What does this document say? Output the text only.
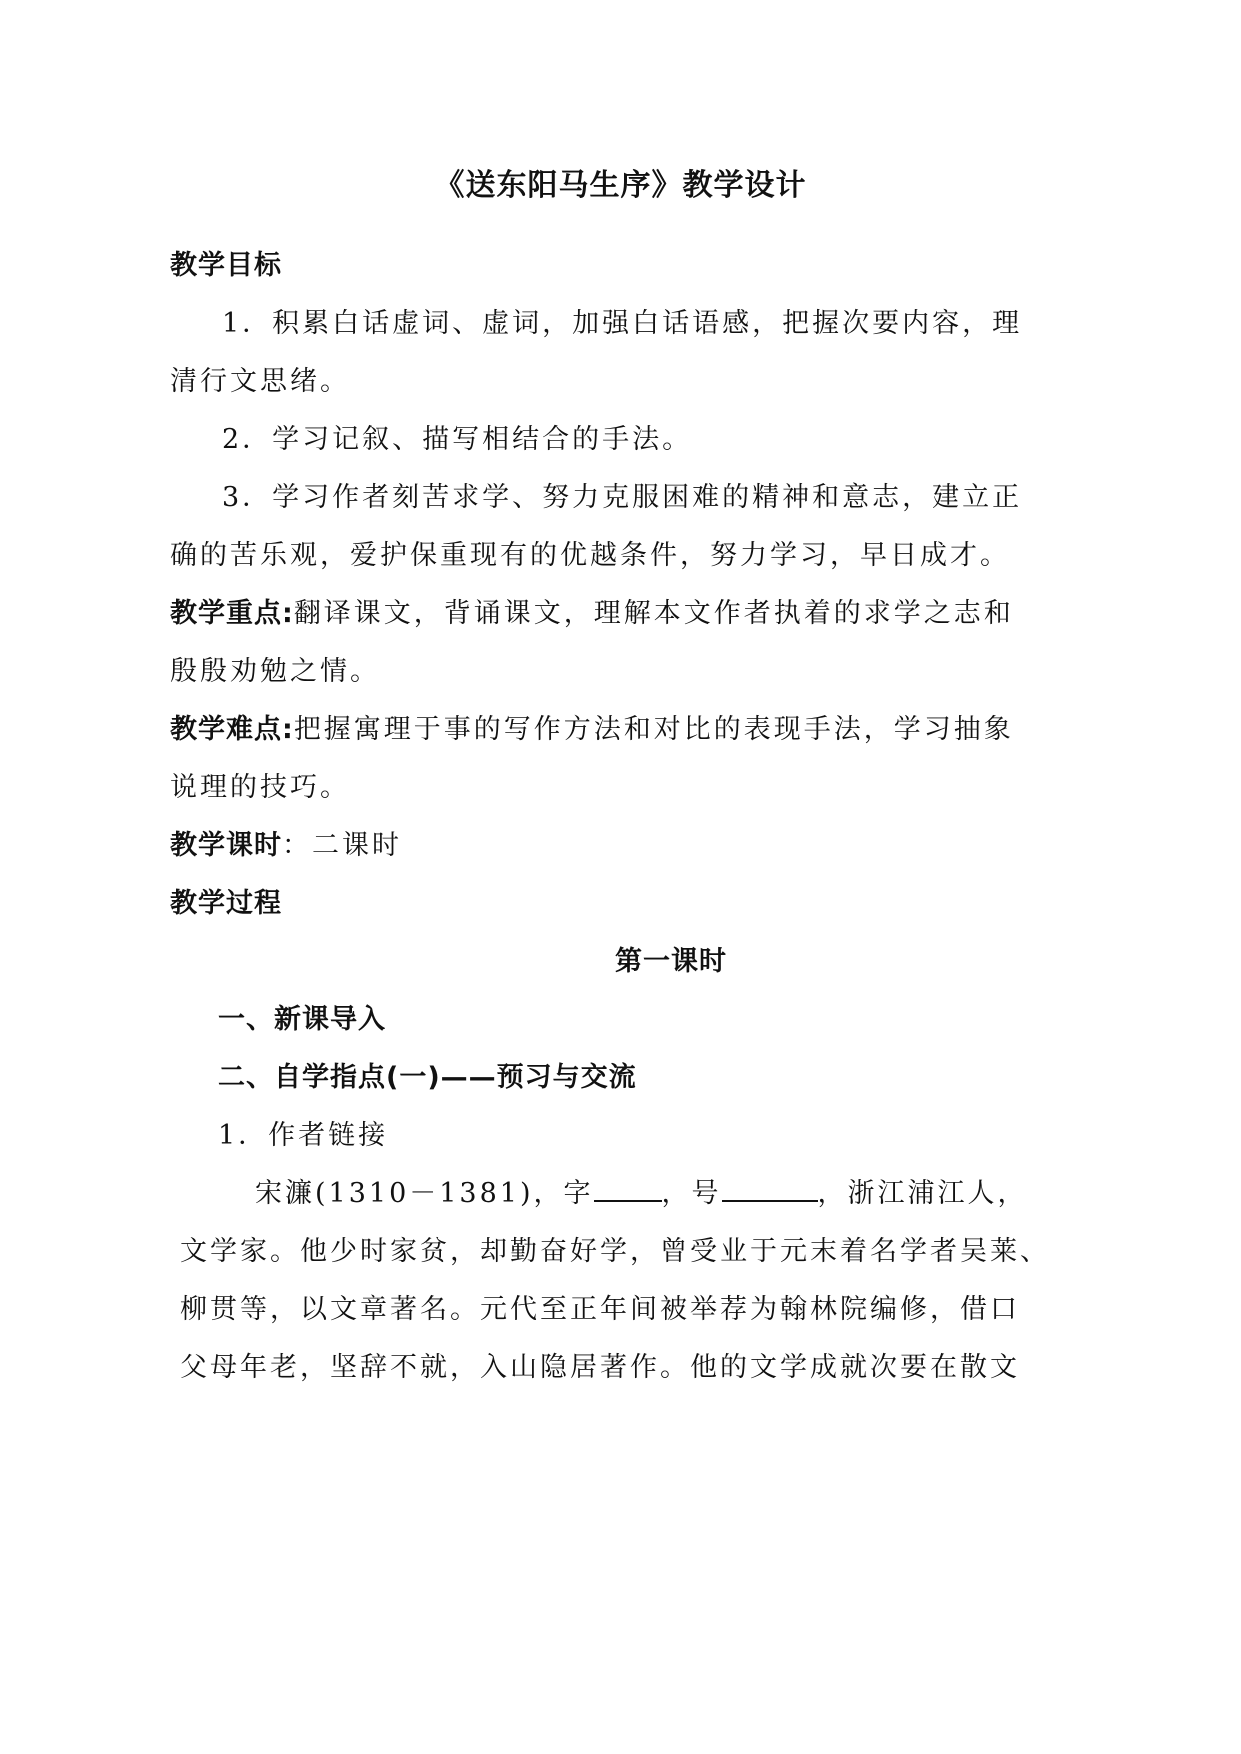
《送东阳马生序》教学设计
教学目标
1．积累白话虚词、虚词，加强白话语感，把握次要内容，理
清行文思绪。
2．学习记叙、描写相结合的手法。
3．学习作者刻苦求学、努力克服困难的精神和意志，建立正
确的苦乐观，爱护保重现有的优越条件，努力学习，早日成才。
教学重点:翻译课文，背诵课文，理解本文作者执着的求学之志和
殷殷劝勉之情。
教学难点:把握寓理于事的写作方法和对比的表现手法，学习抽象
说理的技巧。
教学课时：二课时
教学过程
第一课时
一、新课导入
二、自学指点(一)——预习与交流
1．作者链接
宋濂(1310－1381)，字	，号	，浙江浦江人，
文学家。他少时家贫，却勤奋好学，曾受业于元末着名学者吴莱、
柳贯等，以文章著名。元代至正年间被举荐为翰林院编修，借口
父母年老，坚辞不就，入山隐居著作。他的文学成就次要在散文
